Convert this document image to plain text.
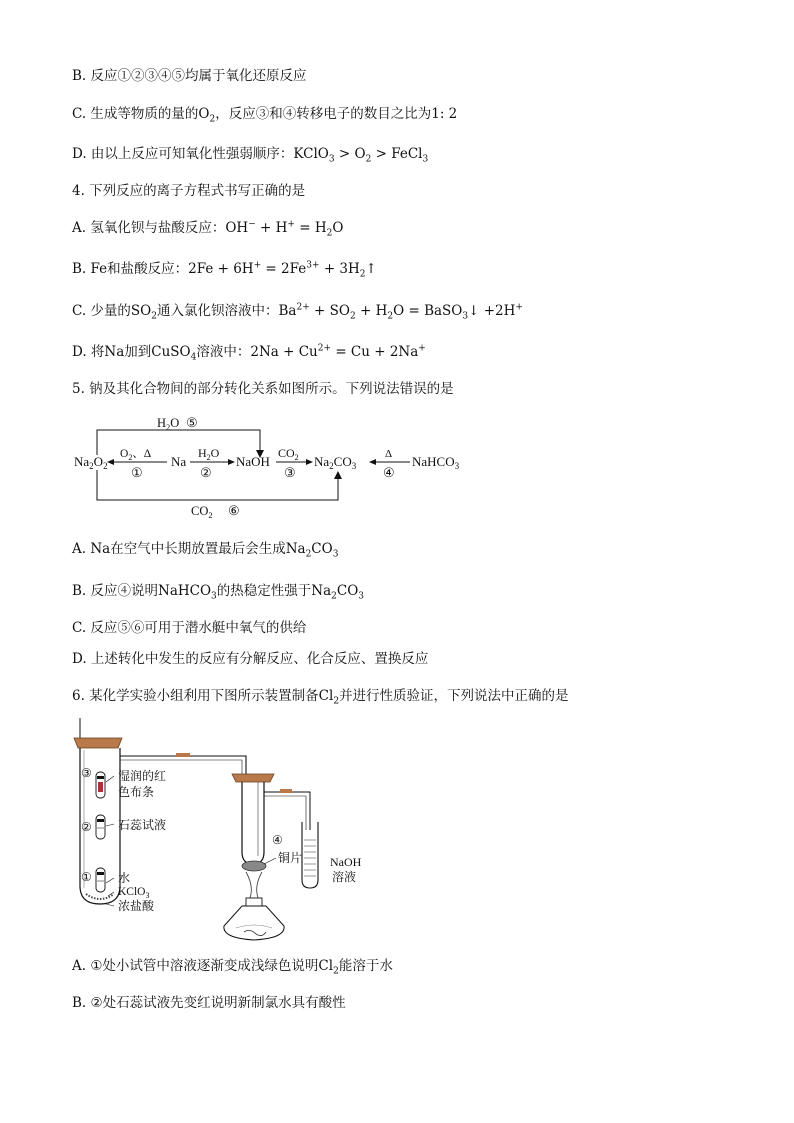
B. 反应①②③④⑤均属于氧化还原反应
C. 生成等物质的量的$O_2$，反应③和④转移电子的数目之比为1: 2
D. 由以上反应可知氧化性强弱顺序：KClO$_3$ > $O_2$ > FeCl$_3$
4. 下列反应的离子方程式书写正确的是
A. 氢氧化钡与盐酸反应：$OH^- + H^+ = H_2O$
B. Fe和盐酸反应：$2Fe + 6H^+ = 2Fe^{3+}$ + $3H_2↑$
C. 少量的$SO_2$通入氯化钡溶液中：$Ba^{2+} + SO_2 + H_2O$ = BaSO$_3$↓ +2H+
D. 将Na加到CuSO$_4$溶液中：$2Na + Cu^{2+} = Cu + 2Na^+$
5. 钠及其化合物间的部分转化关系如图所示。下列说法错误的是
$H_2O$ ⑤
$Na_2O_2$	Na	NaOH	$Na_2CO_3$	NaHCO$_3$
$O_2$、Δ
①
$H_2O$
②
$CO_2$
③
Δ
④
$CO_2$ ⑥
A. Na在空气中长期放置最后会生成$Na_2CO_3$
B. 反应④说明NaHCO$_3$的热稳定性强于$Na_2CO_3$
C. 反应⑤⑥可用于潜水艇中氧气的供给
D. 上述转化中发生的反应有分解反应、化合反应、置换反应
6. 某化学实验小组利用下图所示装置制备$Cl_2$并进行性质验证，下列说法中正确的是
③
②
①
湿润的红
色布条
石蕊试液
水
KClO$_3$
浓盐酸
④
铜片 NaOH
溶液
A. ①处小试管中溶液逐渐变成浅绿色说明$Cl_2$能溶于水
B. ②处石蕊试液先变红说明新制氯水具有酸性
